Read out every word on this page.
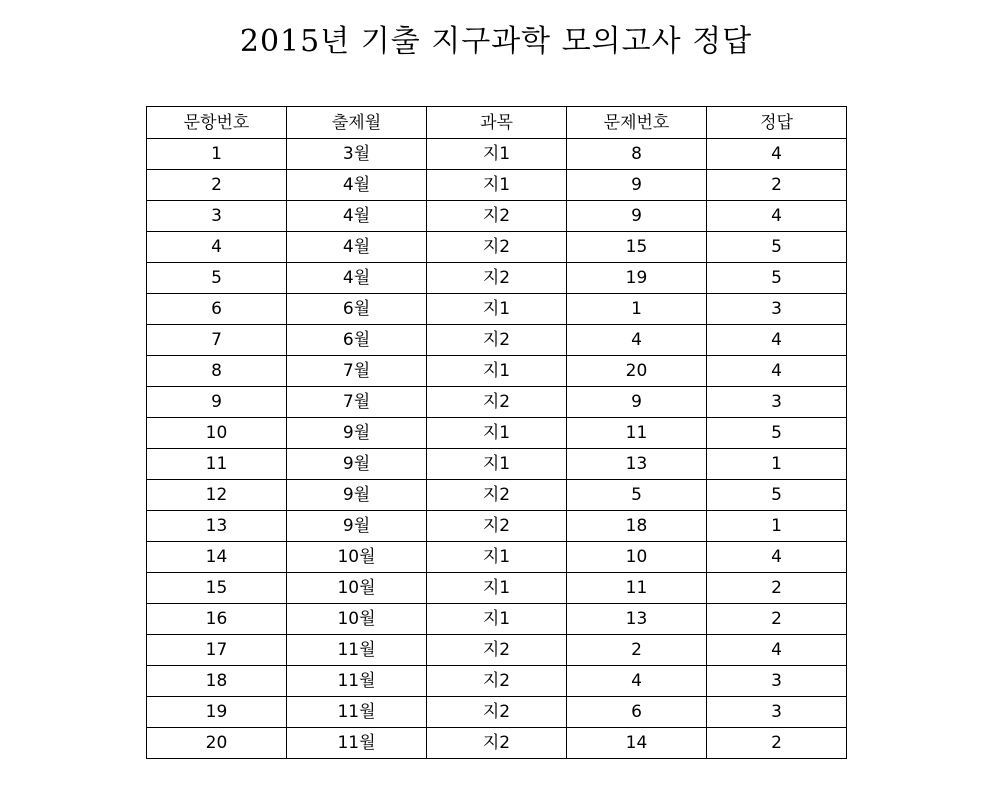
2015년 기출 지구과학 모의고사 정답
문항번호	출제월	과목	문제번호	정답
1	3월	지1	8	4
2	4월	지1	9	2
3	4월	지2	9	4
4	4월	지2	15	5
5	4월	지2	19	5
6	6월	지1	1	3
7	6월	지2	4	4
8	7월	지1	20	4
9	7월	지2	9	3
10	9월	지1	11	5
11	9월	지1	13	1
12	9월	지2	5	5
13	9월	지2	18	1
14	10월	지1	10	4
15	10월	지1	11	2
16	10월	지1	13	2
17	11월	지2	2	4
18	11월	지2	4	3
19	11월	지2	6	3
20	11월	지2	14	2
